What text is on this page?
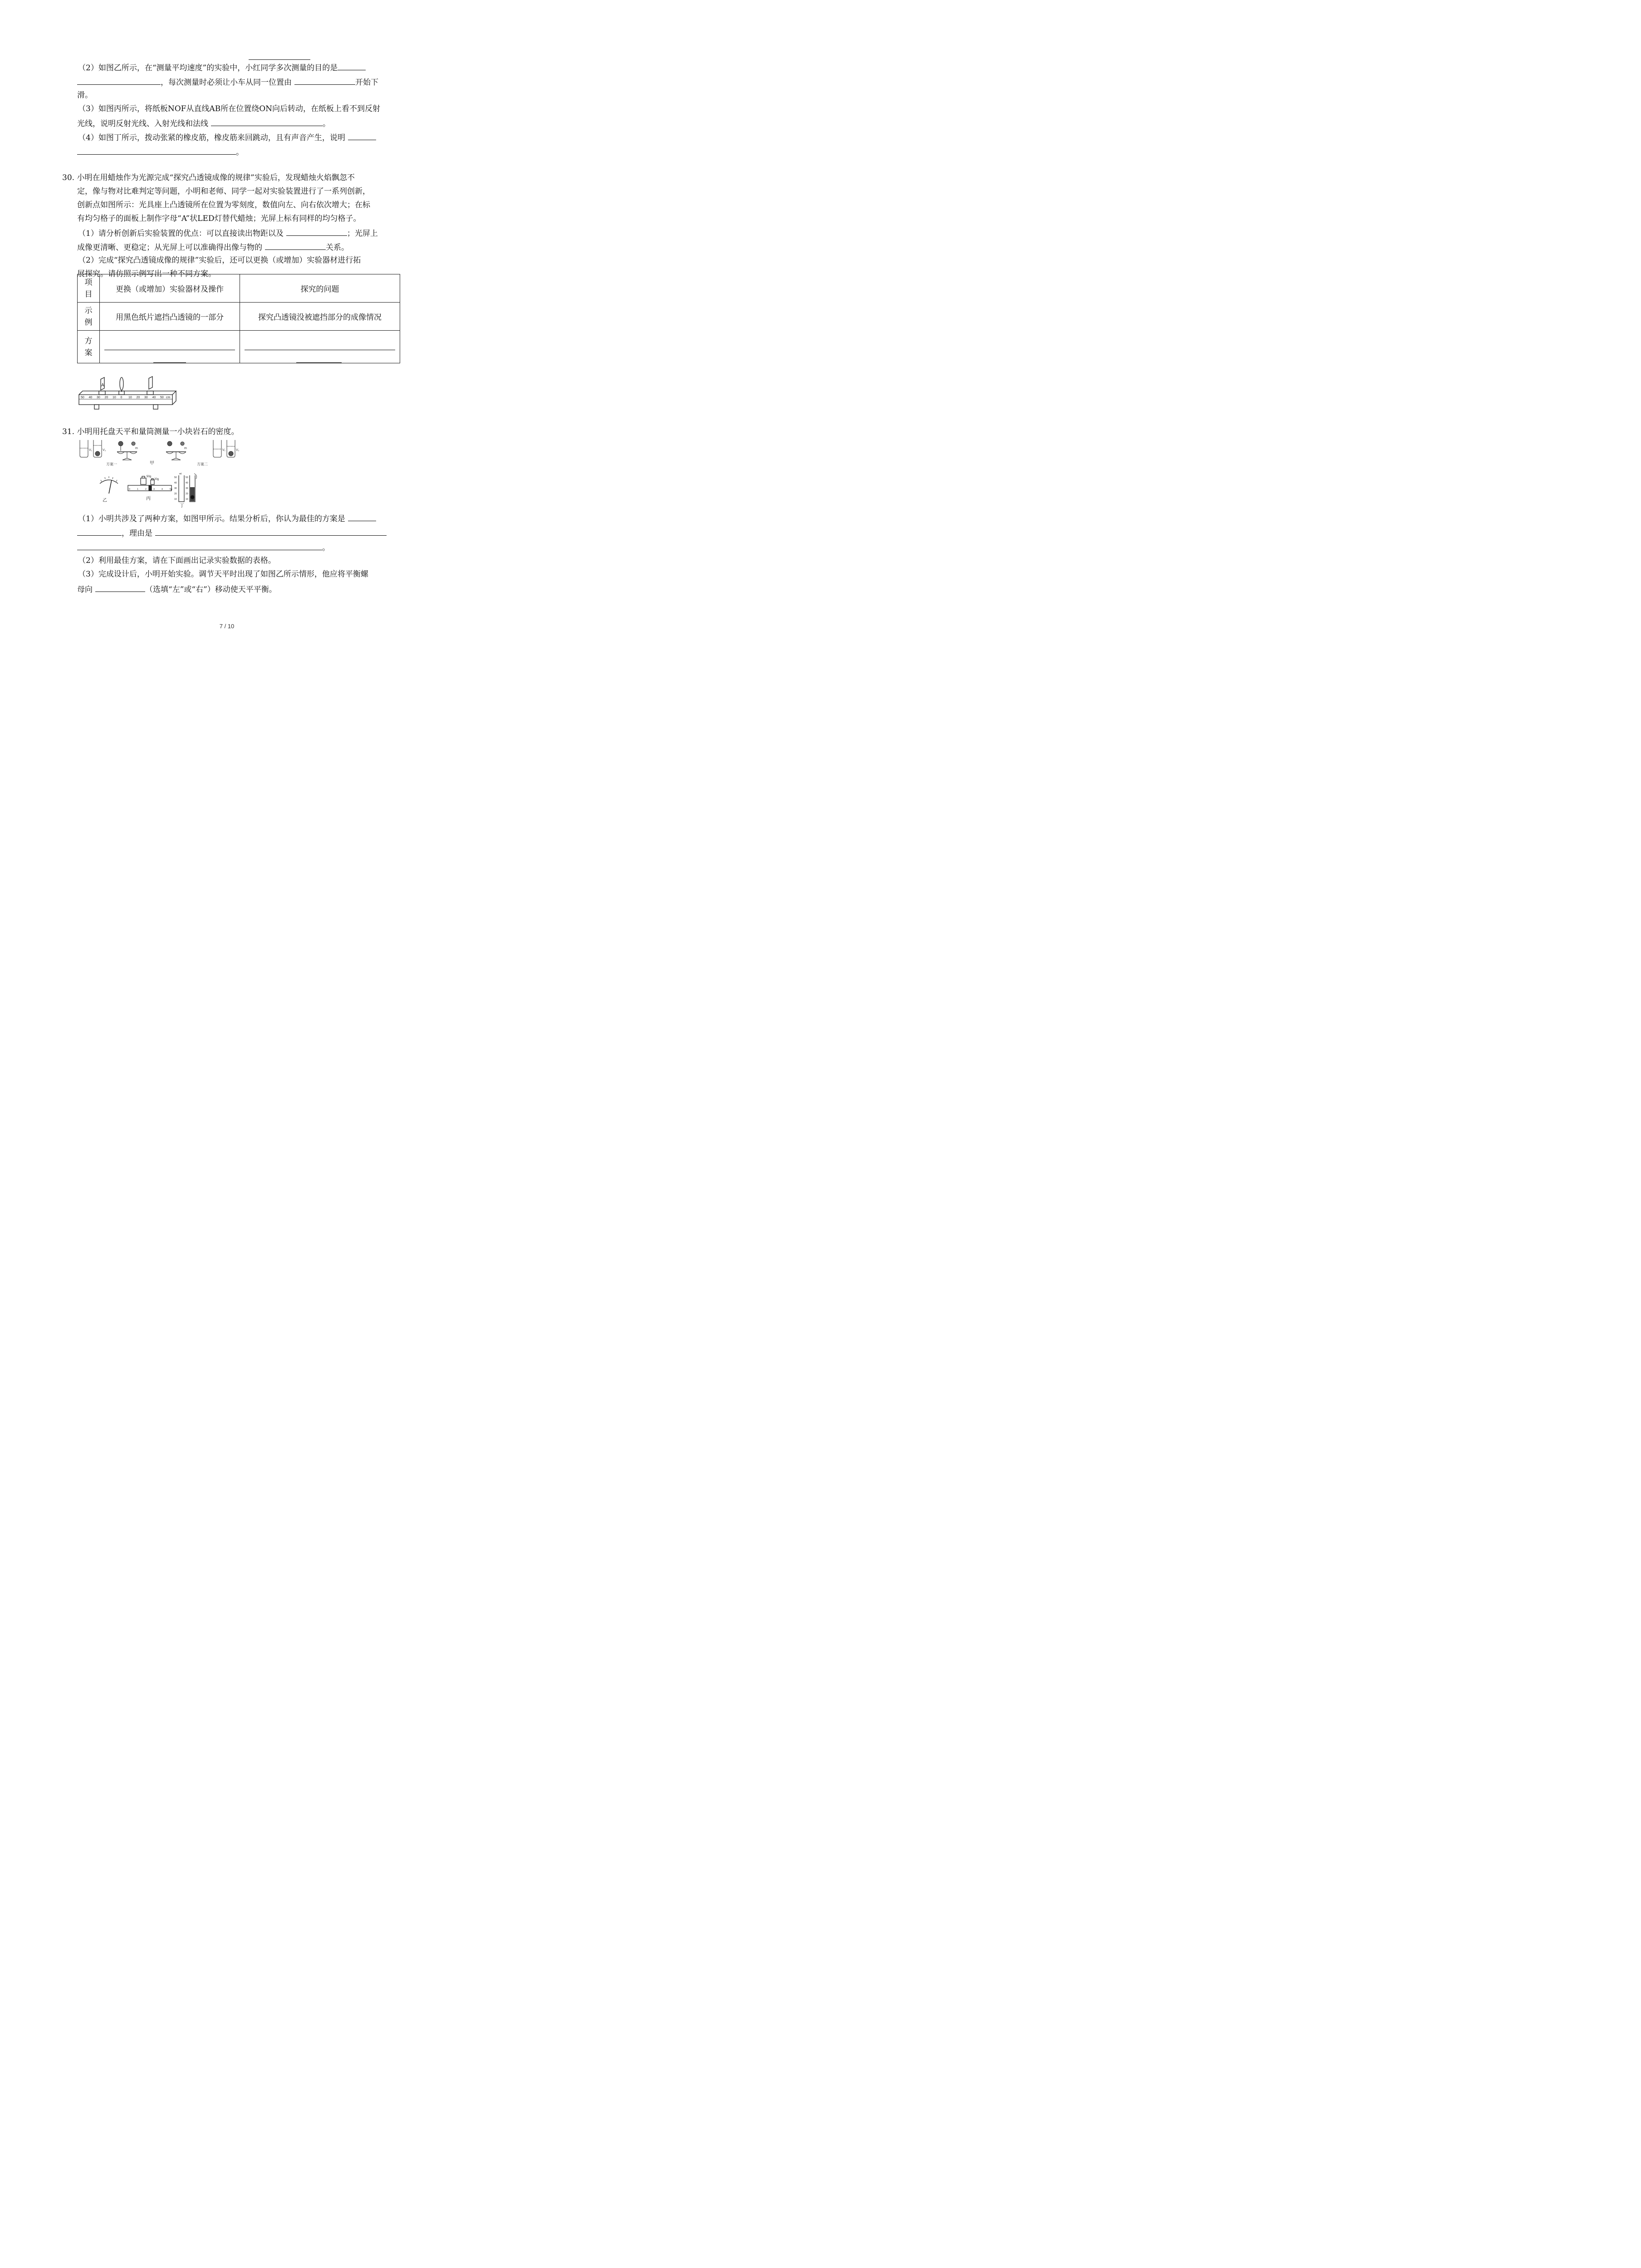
（2）如图乙所示，在“测量平均速度”的实验中，小红同学多次测量的目的是
，每次测量时必须让小车从同一位置由	开始下
滑。
（3）如图丙所示，将纸板NOF从直线AB所在位置绕ON向后转动，在纸板上看不到反射
光线，说明反射光线、入射光线和法线	。
（4）如图丁所示，拨动张紧的橡皮筋，橡皮筋来回跳动，且有声音产生，说明
。
30. 小明在用蜡烛作为光源完成“探究凸透镜成像的规律”实验后，发现蜡烛火焰飘忽不
定，像与物对比难判定等问题，小明和老师、同学一起对实验装置进行了一系列创新，
创新点如图所示：光具座上凸透镜所在位置为零刻度，数值向左、向右依次增大；在标
有均匀格子的面板上制作字母“A”状LED灯替代蜡烛；光屏上标有同样的均匀格子。
（1）请分析创新后实验装置的优点：可以直接读出物距以及	；光屏上
成像更清晰、更稳定；从光屏上可以准确得出像与物的	关系。
（2）完成“探究凸透镜成像的规律”实验后，还可以更换（或增加）实验器材进行拓
展探究。请仿照示例写出一种不同方案。
项目	更换（或增加）实验器材及操作	探究的问题
示例	用黑色纸片遮挡凸透镜的一部分	探究凸透镜没被遮挡部分的成像情况
方案	

A
cm
50 40 30 20 10 0 10 20 30 40 50
31. 小明用托盘天平和量筒测量一小块岩石的密度。
V₁	V₂
m	m
V₁	V₂
方案一	甲	方案二
50g
20g
ml
乙	丙
丁
0	1	2	3	4	5g
50
40
30
20
10
50
40
30
20
10
（1）小明共涉及了两种方案，如图甲所示。结果分析后，你认为最佳的方案是
，理由是
。
（2）利用最佳方案，请在下面画出记录实验数据的表格。
（3）完成设计后，小明开始实验。调节天平时出现了如图乙所示情形，他应将平衡螺
母向	（选填“左”或“右”）移动使天平平衡。
7 / 10
